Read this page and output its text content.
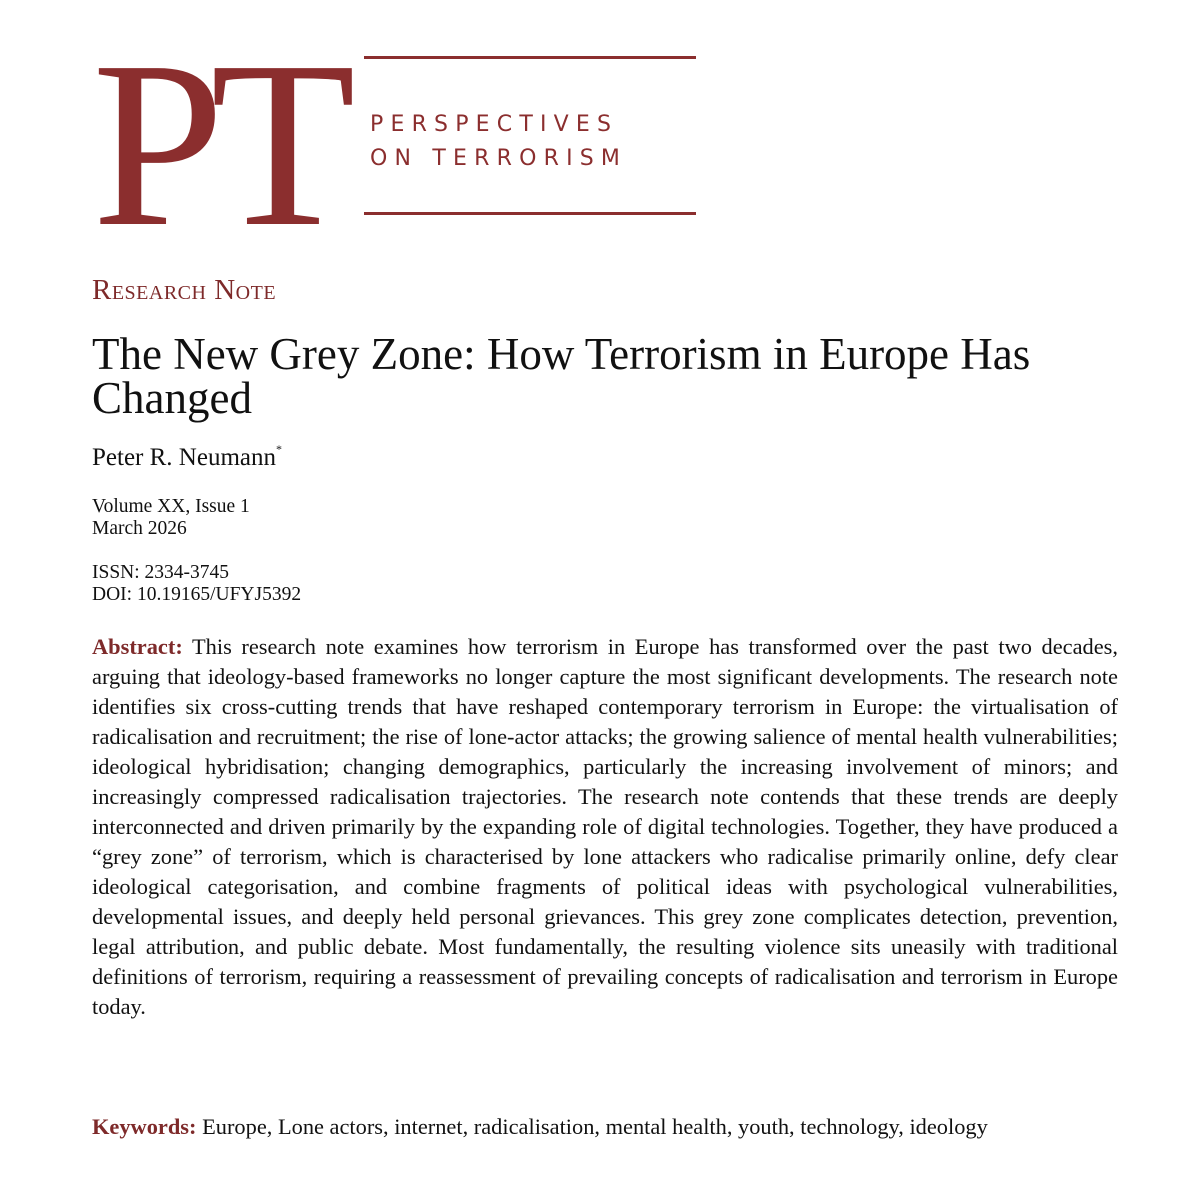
PT PERSPECTIVES
ON TERRORISM
Research Note
The New Grey Zone: How Terrorism in Europe Has Changed
Peter R. Neumann*
Volume XX, Issue 1
March 2026
ISSN: 2334-3745
DOI: 10.19165/UFYJ5392

Abstract: This research note examines how terrorism in Europe has transformed over the past two decades, arguing that ideology-based frameworks no longer capture the most significant developments. The research note identifies six cross-cutting trends that have reshaped contemporary terrorism in Europe: the virtualisation of radicalisation and recruitment; the rise of lone-actor attacks; the growing salience of mental health vulnerabilities; ideological hybridisation; changing demographics, particularly the increasing involvement of minors; and increasingly compressed radicalisation trajectories. The research note contends that these trends are deeply interconnected and driven primarily by the expanding role of digital technologies. Together, they have produced a “grey zone” of terrorism, which is characterised by lone attackers who radicalise primarily online, defy clear ideological categorisation, and combine fragments of political ideas with psychological vulnerabilities, developmental issues, and deeply held personal grievances. This grey zone complicates detection, prevention, legal attribution, and public debate. Most fundamentally, the resulting violence sits uneasily with traditional definitions of terrorism, requiring a reassessment of prevailing concepts of radicalisation and terrorism in Europe today.

Keywords: Europe, Lone actors, internet, radicalisation, mental health, youth, technology, ideology
